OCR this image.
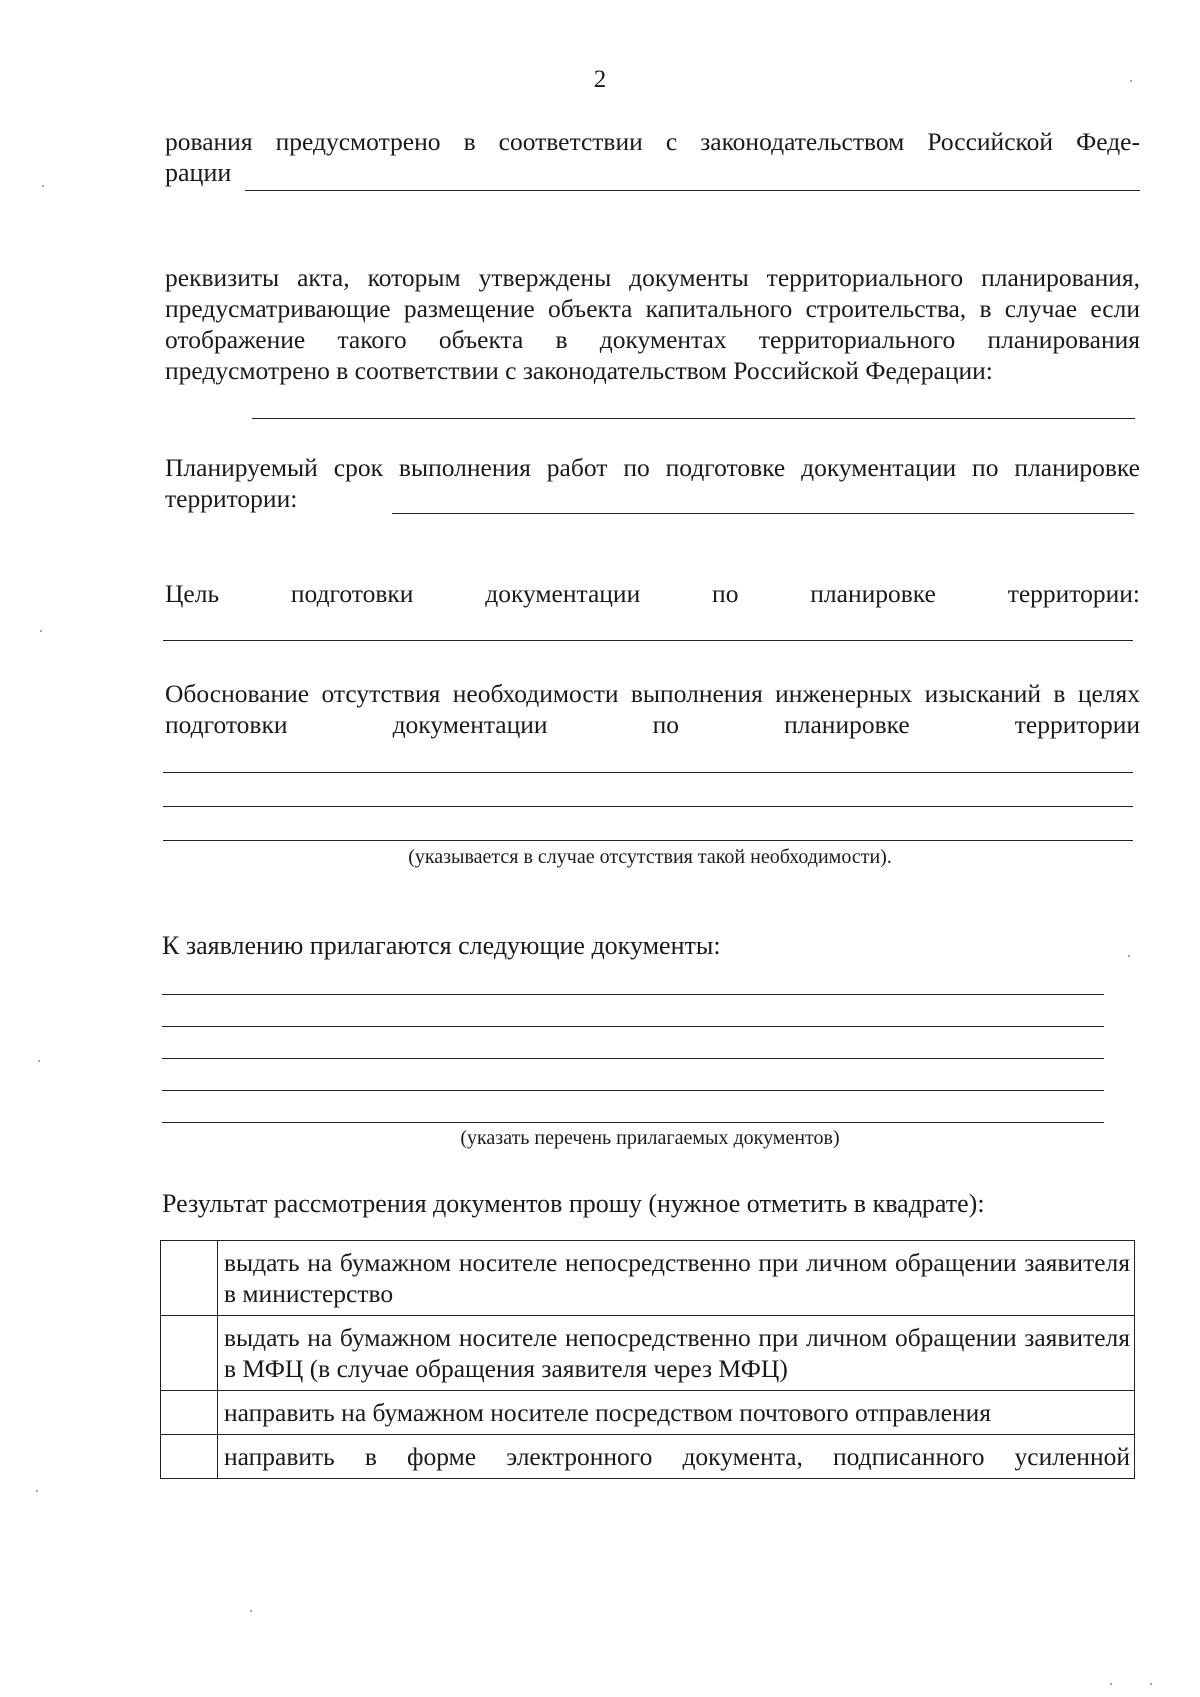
2
рования предусмотрено в соответствии с законодательством Российской Феде-
рации
реквизиты акта, которым утверждены документы территориального планирования, предусматривающие размещение объекта капитального строительства, в случае если отображение такого объекта в документах территориального планирования предусмотрено в соответствии с законодательством Российской Федерации:
Планируемый срок выполнения работ по подготовке документации по планировке территории:
Цель подготовки документации по планировке территории:
Обоснование отсутствия необходимости выполнения инженерных изысканий в целях подготовки документации по планировке территории
(указывается в случае отсутствия такой необходимости).
К заявлению прилагаются следующие документы:
(указать перечень прилагаемых документов)
Результат рассмотрения документов прошу (нужное отметить в квадрате):
	выдать на бумажном носителе непосредственно при личном обращении заявителя в министерство
	выдать на бумажном носителе непосредственно при личном обращении заявителя в МФЦ (в случае обращения заявителя через МФЦ)
	направить на бумажном носителе посредством почтового отправления
	направить в форме электронного документа, подписанного усиленной
